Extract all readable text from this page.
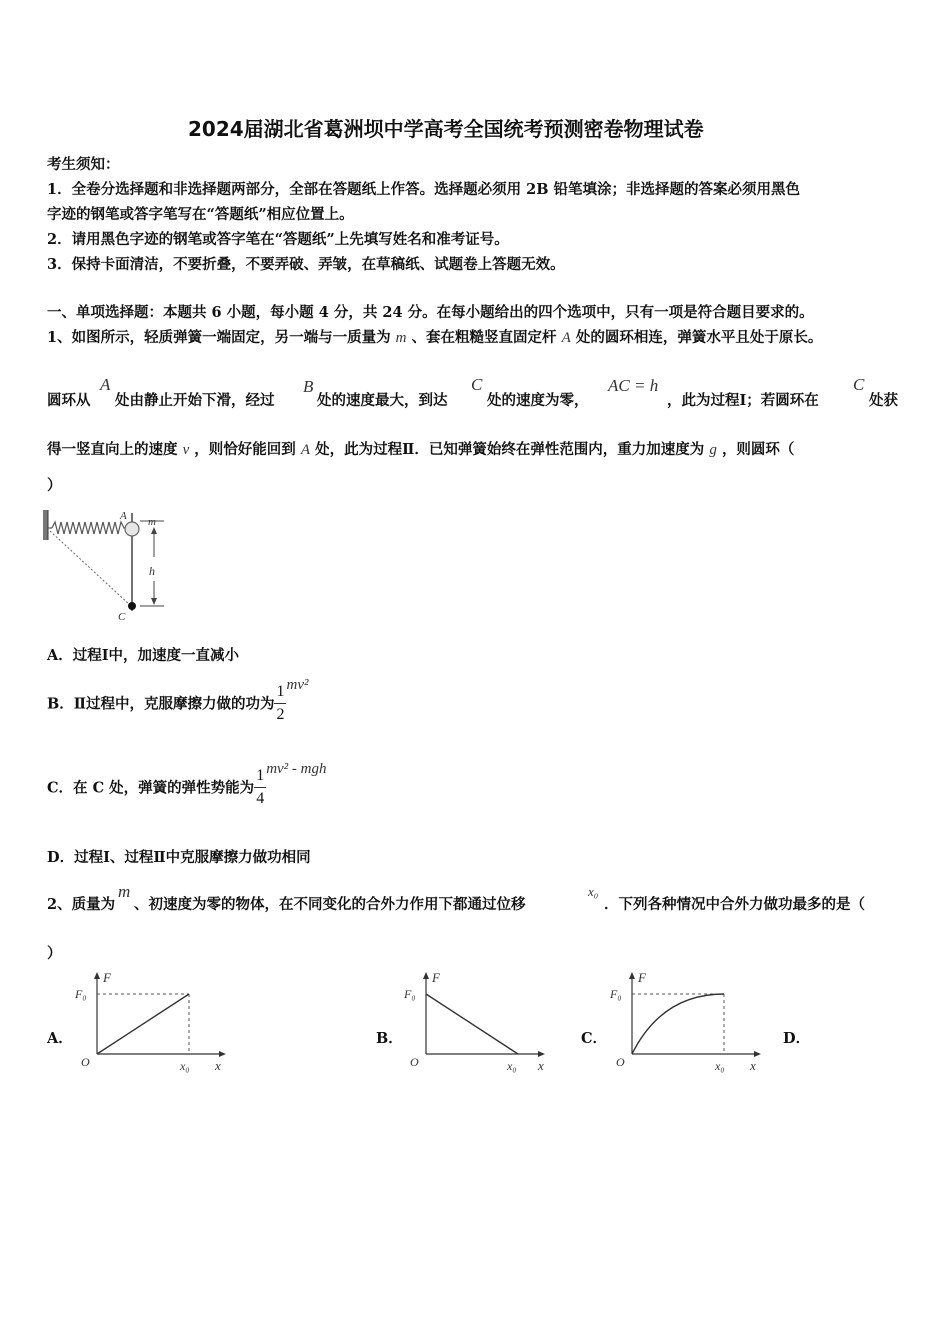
2024届湖北省葛洲坝中学高考全国统考预测密卷物理试卷
考生须知：
1．全卷分选择题和非选择题两部分，全部在答题纸上作答。选择题必须用 2B 铅笔填涂；非选择题的答案必须用黑色
字迹的钢笔或答字笔写在“答题纸”相应位置上。
2．请用黑色字迹的钢笔或答字笔在“答题纸”上先填写姓名和准考证号。
3．保持卡面清洁，不要折叠，不要弄破、弄皱，在草稿纸、试题卷上答题无效。
一、单项选择题：本题共 6 小题，每小题 4 分，共 24 分。在每小题给出的四个选项中，只有一项是符合题目要求的。
1、如图所示，轻质弹簧一端固定，另一端与一质量为 m 、套在粗糙竖直固定杆 A 处的圆环相连，弹簧水平且处于原长。
圆环从
A
处由静止开始下滑，经过
B
处的速度最大，到达
C
处的速度为零，
AC = h
，此为过程Ⅰ；若圆环在
C
处获
得一竖直向上的速度 v ，则恰好能回到 A 处，此为过程Ⅱ．已知弹簧始终在弹性范围内，重力加速度为 g ，则圆环（
）
A m
h
C
A．过程Ⅰ中，加速度一直减小
B．Ⅱ过程中，克服摩擦力做的功为 $\frac{1}{2} mv^2$
C．在 C 处，弹簧的弹性势能为 $\frac{1}{4} mv^2$ - mgh
D．过程Ⅰ、过程Ⅱ中克服摩擦力做功相同
2、质量为
m
、初速度为零的物体，在不同变化的合外力作用下都通过位移
x₀
．下列各种情况中合外力做功最多的是（
）
A．	B．	C．	D．
F
F₀
O	x₀ x
F
F₀
O	x₀ x
F
F₀
O	x₀ x
